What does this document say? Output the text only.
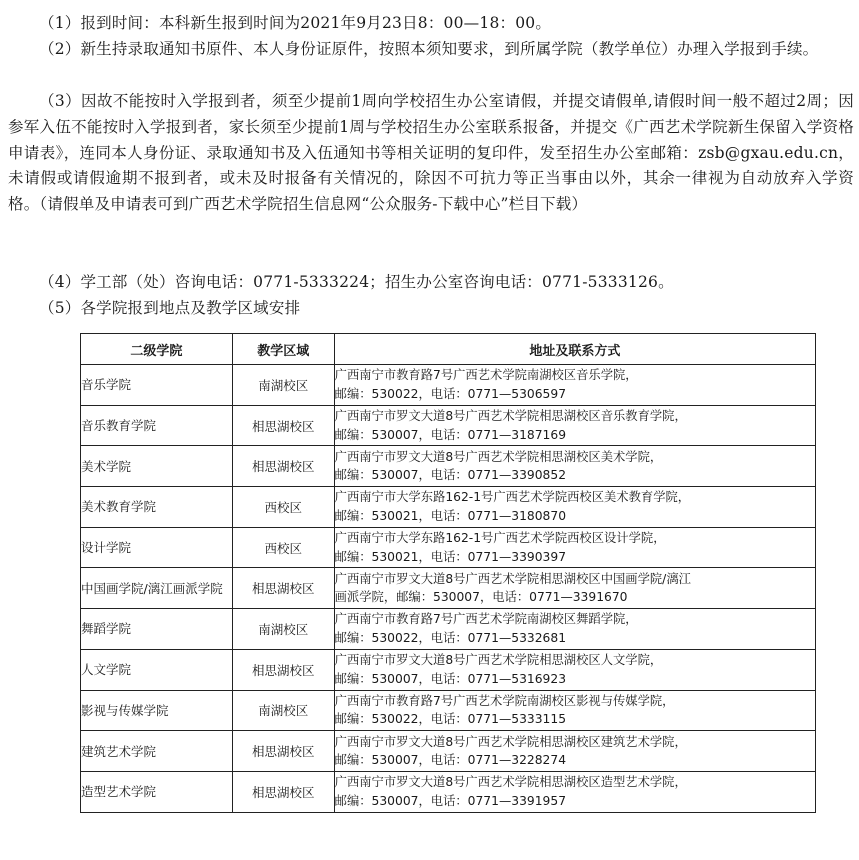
（1）报到时间：本科新生报到时间为2021年9月23日8：00—18：00。

（2）新生持录取通知书原件、本人身份证原件，按照本须知要求，到所属学院（教学单位）办理入学报到手续。

（3）因故不能按时入学报到者，须至少提前1周向学校招生办公室请假，并提交请假单,请假时间一般不超过2周；因参军入伍不能按时入学报到者，家长须至少提前1周与学校招生办公室联系报备，并提交《广西艺术学院新生保留入学资格申请表》，连同本人身份证、录取通知书及入伍通知书等相关证明的复印件，发至招生办公室邮箱：zsb@gxau.edu.cn，未请假或请假逾期不报到者，或未及时报备有关情况的，除因不可抗力等正当事由以外，其余一律视为自动放弃入学资格。（请假单及申请表可到广西艺术学院招生信息网“公众服务-下载中心”栏目下载）

（4）学工部（处）咨询电话：0771-5333224；招生办公室咨询电话：0771-5333126。

（5）各学院报到地点及教学区域安排

二级学院	教学区域	地址及联系方式
音乐学院	南湖校区	广西南宁市教育路7号广西艺术学院南湖校区音乐学院，
邮编：530022，电话：0771—5306597

音乐教育学院	相思湖校区	广西南宁市罗文大道8号广西艺术学院相思湖校区音乐教育学院，
邮编：530007，电话：0771—3187169

美术学院	相思湖校区	广西南宁市罗文大道8号广西艺术学院相思湖校区美术学院，
邮编：530007，电话：0771—3390852

美术教育学院	西校区	广西南宁市大学东路162-1号广西艺术学院西校区美术教育学院，
邮编：530021，电话：0771—3180870

设计学院	西校区	广西南宁市大学东路162-1号广西艺术学院西校区设计学院，
邮编：530021，电话：0771—3390397

中国画学院/漓江画派学院	相思湖校区	广西南宁市罗文大道8号广西艺术学院相思湖校区中国画学院/漓江
画派学院，邮编：530007，电话：0771—3391670

舞蹈学院	南湖校区	广西南宁市教育路7号广西艺术学院南湖校区舞蹈学院，
邮编：530022，电话：0771—5332681

人文学院	相思湖校区	广西南宁市罗文大道8号广西艺术学院相思湖校区人文学院，
邮编：530007，电话：0771—5316923

影视与传媒学院	南湖校区	广西南宁市教育路7号广西艺术学院南湖校区影视与传媒学院，
邮编：530022，电话：0771—5333115

建筑艺术学院	相思湖校区	广西南宁市罗文大道8号广西艺术学院相思湖校区建筑艺术学院，
邮编：530007，电话：0771—3228274

造型艺术学院	相思湖校区	广西南宁市罗文大道8号广西艺术学院相思湖校区造型艺术学院，
邮编：530007，电话：0771—3391957
